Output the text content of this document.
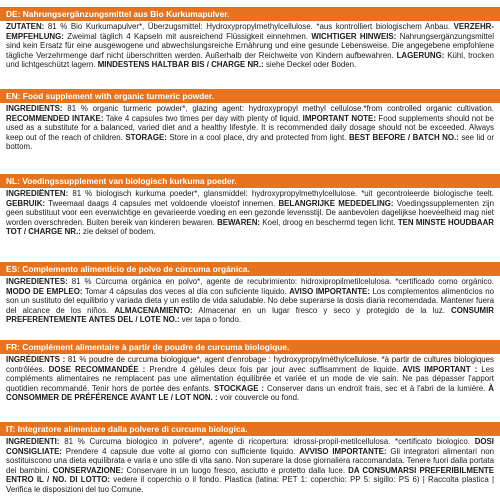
DE: Nahrungsergänzungsmittel aus Bio Kurkumapulver.
ZUTATEN: 81 % Bio Kurkumapulver*, Überzugsmittel: Hydroxypropylmethylcellulose. *aus kontrolliert biologischem Anbau. VERZEHR-EMPFEHLUNG: Zweimal täglich 4 Kapseln mit ausreichend Flüssigkeit einnehmen. WICHTIGER HINWEIS: Nahrungsergänzungsmittel sind kein Ersatz für eine ausgewogene und abwechslungsreiche Ernährung und eine gesunde Lebensweise. Die angegebene empfohlene tägliche Verzehrmenge darf nicht überschritten werden. Außerhalb der Reichweite von Kindern aufbewahren. LAGERUNG: Kühl, trocken und lichtgeschützt lagern. MINDESTENS HALTBAR BIS / CHARGE NR.: siehe Deckel oder Boden.
EN: Food supplement with organic turmeric powder.
INGREDIENTS: 81 % organic turmeric powder*, glazing agent: hydroxypropyl methyl cellulose.*from controlled organic cultivation. RECOMMENDED INTAKE: Take 4 capsules two times per day with plenty of liquid. IMPORTANT NOTE: Food supplements should not be used as a substitute for a balanced, varied diet and a healthy lifestyle. It is recommended daily dosage should not be exceeded. Always keep out of the reach of children. STORAGE: Store in a cool place, dry and protected from light. BEST BEFORE / BATCH NO.: see lid or bottom.
NL: Voedingssupplement van biologisch kurkuma poeder.
INGREDIËNTEN: 81 % biologisch kurkuma poeder*, glansmiddel: hydroxypropylmethylcellulose. *uit gecontroleerde biologische teelt. GEBRUIK: Tweemaal daags 4 capsules met voldoende vloeistof innemen. BELANGRIJKE MEDEDELING: Voedingssupplementen zijn geen substituut voor een evenwichtige en gevarieerde voeding en een gezonde levensstijl. De aanbevolen dagelijkse hoeveelheid mag niet worden overschreden. Buiten bereik van kinderen bewaren. BEWAREN: Koel, droog en beschermd tegen licht. TEN MINSTE HOUDBAAR TOT / CHARGE NR.: zie deksel of bodem.
ES: Complemento alimenticio de polvo de cúrcuma orgánica.
INGREDIENTES: 81 % Cúrcuma orgánica en polvo*, agente de recubrimiento: hidroxipropilmetilcelulosa. *certificado como orgánico. MODO DE EMPLEO: Tomar 4 cápsulas dos veces al día con suficiente líquido. AVISO IMPORTANTE: Los complementos alimenticios no son un sustituto del equilibrio y variada dieta y un estilo de vida saludable. No debe superarse la dosis diaria recomendada. Mantener fuera del alcance de los niños. ALMACENAMIENTO: Almacenar en un lugar fresco y seco y protegido de la luz. CONSUMIR PREFERENTEMENTE ANTES DEL / LOTE NO.: ver tapa o fondo.
FR: Complément alimentaire à partir de poudre de curcuma biologique.
INGRÉDIENTS : 81 % poudre de curcuma biologique*, agent d'enrobage : hydroxypropylméthylcellulose. *à partir de cultures biologiques contrôlées. DOSE RECOMMANDÉE : Prendre 4 gélules deux fois par jour avec suffisamment de liquide. AVIS IMPORTANT : Les compléments alimentaires ne remplacent pas une alimentation équilibrée et variée et un mode de vie sain. Ne pas dépasser l'apport quotidien recommandé. Tenir hors de portée des enfants. STOCKAGE : Conserver dans un endroit frais, sec et à l'abri de la lumière. À CONSOMMER DE PRÉFÉRENCE AVANT LE / LOT NON. : voir couvercle ou fond.
IT: Integratore alimentare dalla polvere di curcuma biologica.
INGREDIENTI: 81 % Curcuma biologico in polvere*, agente di ricopertura: idrossi-propil-metilcellulosa. *certificato biologico. DOSI CONSIGLIATE: Prendere 4 capsule due volte al giorno con sufficiente liquido. AVVISO IMPORTANTE: Gli integratori alimentari non sostituiscono una dieta equilibrata e varia e uno stile di vita sano. Non superare la dose giornaliera raccomandata. Tenere fuori dalla portata dei bambini. CONSERVAZIONE: Conservare in un luogo fresco, asciutto e protetto dalla luce. DA CONSUMARSI PREFERIBILMENTE ENTRO IL / NO. DI LOTTO: vedere il coperchio o il fondo. Plastica (latina: PET 1: coperchio: PP 5: sigillo: PS 6) | Raccolta plastica | Verifica le disposizioni del tuo Comune.
